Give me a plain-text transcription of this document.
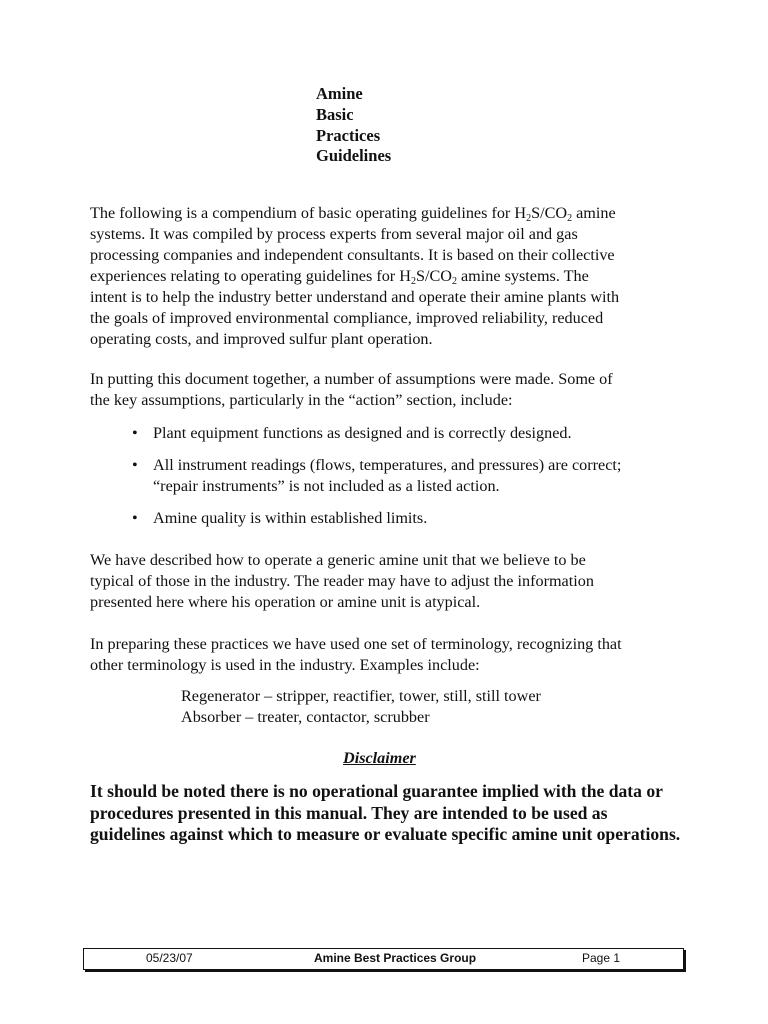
Amine
Basic
Practices
Guidelines
The following is a compendium of basic operating guidelines for $H_2S/CO_2$ amine
systems. It was compiled by process experts from several major oil and gas
processing companies and independent consultants. It is based on their collective
experiences relating to operating guidelines for $H_2S/CO_2$ amine systems. The
intent is to help the industry better understand and operate their amine plants with
the goals of improved environmental compliance, improved reliability, reduced
operating costs, and improved sulfur plant operation.
In putting this document together, a number of assumptions were made. Some of
the key assumptions, particularly in the “action” section, include:
• Plant equipment functions as designed and is correctly designed.
• All instrument readings (flows, temperatures, and pressures) are correct;
“repair instruments” is not included as a listed action.
• Amine quality is within established limits.
We have described how to operate a generic amine unit that we believe to be
typical of those in the industry. The reader may have to adjust the information
presented here where his operation or amine unit is atypical.
In preparing these practices we have used one set of terminology, recognizing that
other terminology is used in the industry. Examples include:
Regenerator – stripper, reactifier, tower, still, still tower
Absorber – treater, contactor, scrubber
Disclaimer
It should be noted there is no operational guarantee implied with the data or
procedures presented in this manual. They are intended to be used as
guidelines against which to measure or evaluate specific amine unit operations.
05/23/07	Amine Best Practices Group	Page 1
